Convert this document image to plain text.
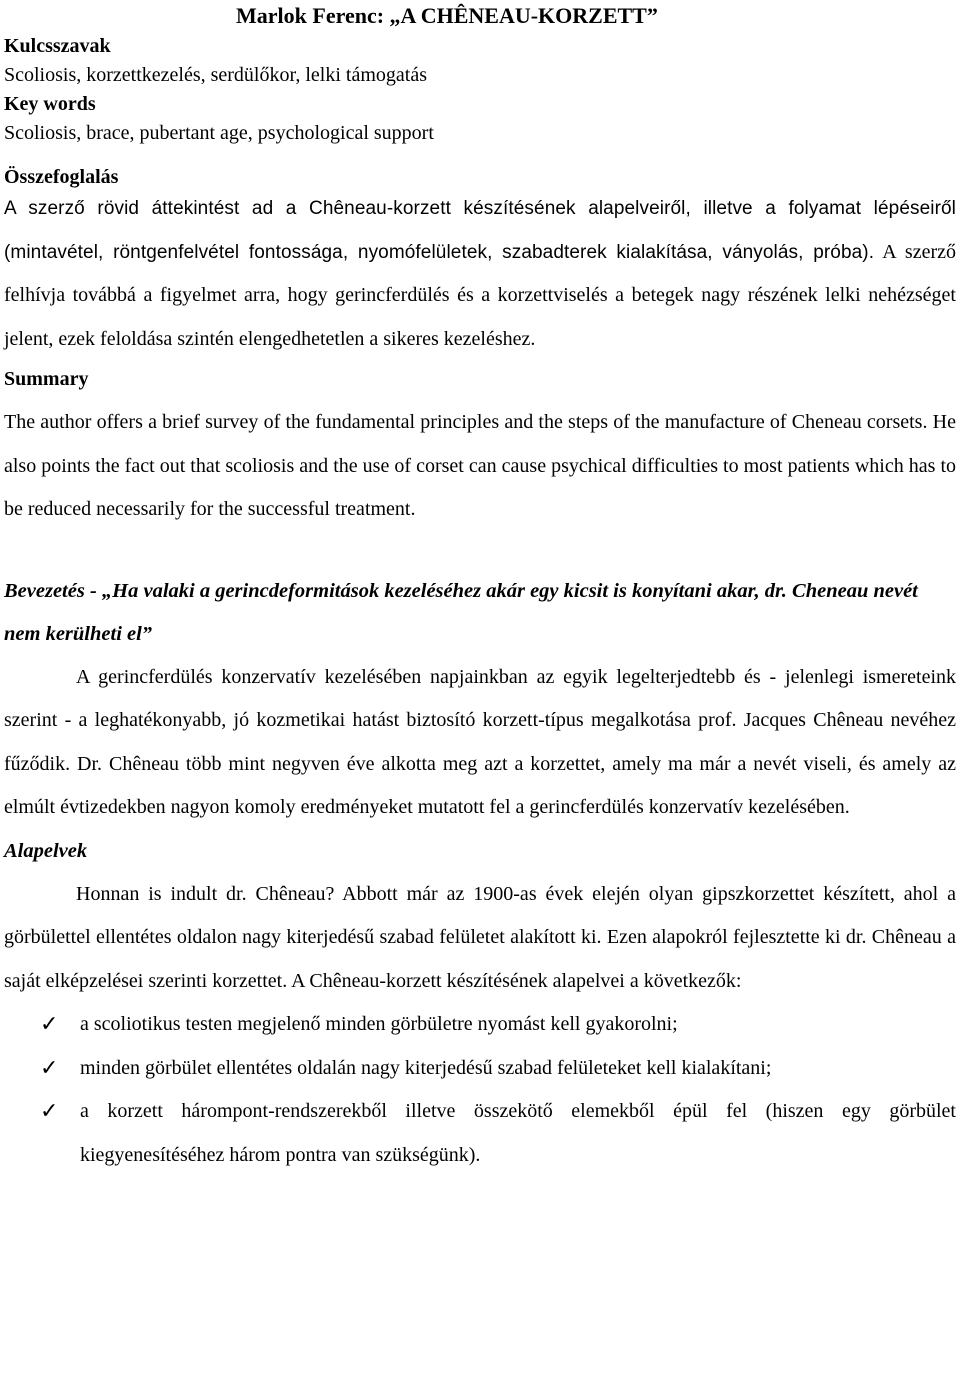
Marlok Ferenc: „A CHÊNEAU-KORZETT”
Kulcsszavak
Scoliosis, korzettkezelés, serdülőkor, lelki támogatás
Key words
Scoliosis, brace, pubertant age, psychological support
Összefoglalás

A szerző rövid áttekintést ad a Chêneau-korzett készítésének alapelveiről, illetve a folyamat lépéseiről (mintavétel, röntgenfelvétel fontossága, nyomófelületek, szabadterek kialakítása, ványolás, próba). A szerző felhívja továbbá a figyelmet arra, hogy gerincferdülés és a korzettviselés a betegek nagy részének lelki nehézséget jelent, ezek feloldása szintén elengedhetetlen a sikeres kezeléshez.

Summary

The author offers a brief survey of the fundamental principles and the steps of the manufacture of Cheneau corsets. He also points the fact out that scoliosis and the use of corset can cause psychical difficulties to most patients which has to be reduced necessarily for the successful treatment.

Bevezetés - „Ha valaki a gerincdeformitások kezeléséhez akár egy kicsit is konyítani akar, dr. Cheneau nevét nem kerülheti el”

A gerincferdülés konzervatív kezelésében napjainkban az egyik legelterjedtebb és - jelenlegi ismereteink szerint - a leghatékonyabb, jó kozmetikai hatást biztosító korzett-típus megalkotása prof. Jacques Chêneau nevéhez fűződik. Dr. Chêneau több mint negyven éve alkotta meg azt a korzettet, amely ma már a nevét viseli, és amely az elmúlt évtizedekben nagyon komoly eredményeket mutatott fel a gerincferdülés konzervatív kezelésében.

Alapelvek

Honnan is indult dr. Chêneau? Abbott már az 1900-as évek elején olyan gipszkorzettet készített, ahol a görbülettel ellentétes oldalon nagy kiterjedésű szabad felületet alakított ki. Ezen alapokról fejlesztette ki dr. Chêneau a saját elképzelései szerinti korzettet. A Chêneau-korzett készítésének alapelvei a következők:

✓ a scoliotikus testen megjelenő minden görbületre nyomást kell gyakorolni;
✓ minden görbület ellentétes oldalán nagy kiterjedésű szabad felületeket kell kialakítani;
✓ a korzett hárompont-rendszerekből illetve összekötő elemekből épül fel (hiszen egy görbület kiegyenesítéséhez három pontra van szükségünk).
